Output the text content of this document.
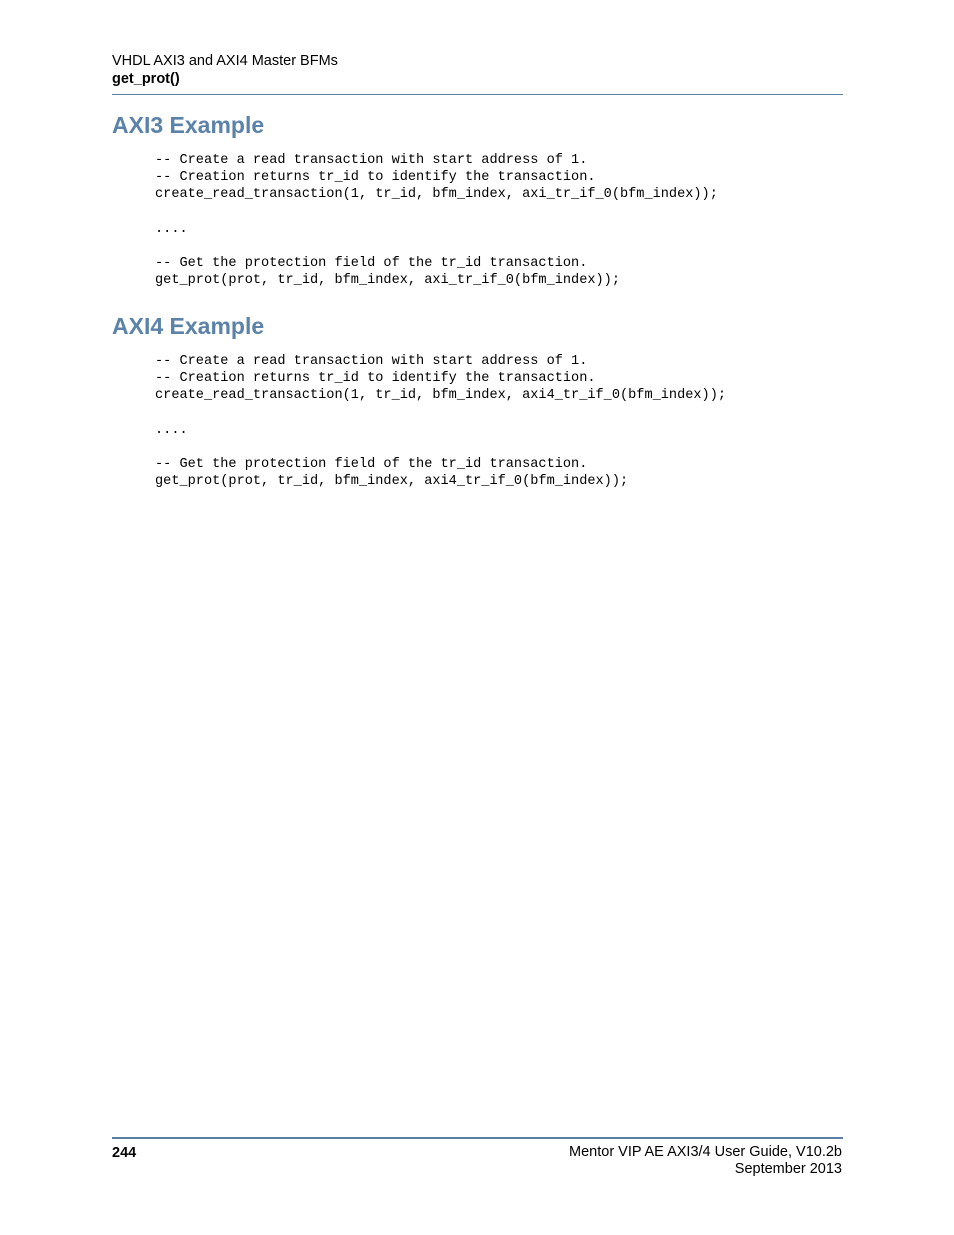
VHDL AXI3 and AXI4 Master BFMs
get_prot()
AXI3 Example
-- Create a read transaction with start address of 1.
-- Creation returns tr_id to identify the transaction.
create_read_transaction(1, tr_id, bfm_index, axi_tr_if_0(bfm_index));

....

-- Get the protection field of the tr_id transaction.
get_prot(prot, tr_id, bfm_index, axi_tr_if_0(bfm_index));
AXI4 Example
-- Create a read transaction with start address of 1.
-- Creation returns tr_id to identify the transaction.
create_read_transaction(1, tr_id, bfm_index, axi4_tr_if_0(bfm_index));

....

-- Get the protection field of the tr_id transaction.
get_prot(prot, tr_id, bfm_index, axi4_tr_if_0(bfm_index));
244	Mentor VIP AE AXI3/4 User Guide, V10.2b
September 2013
